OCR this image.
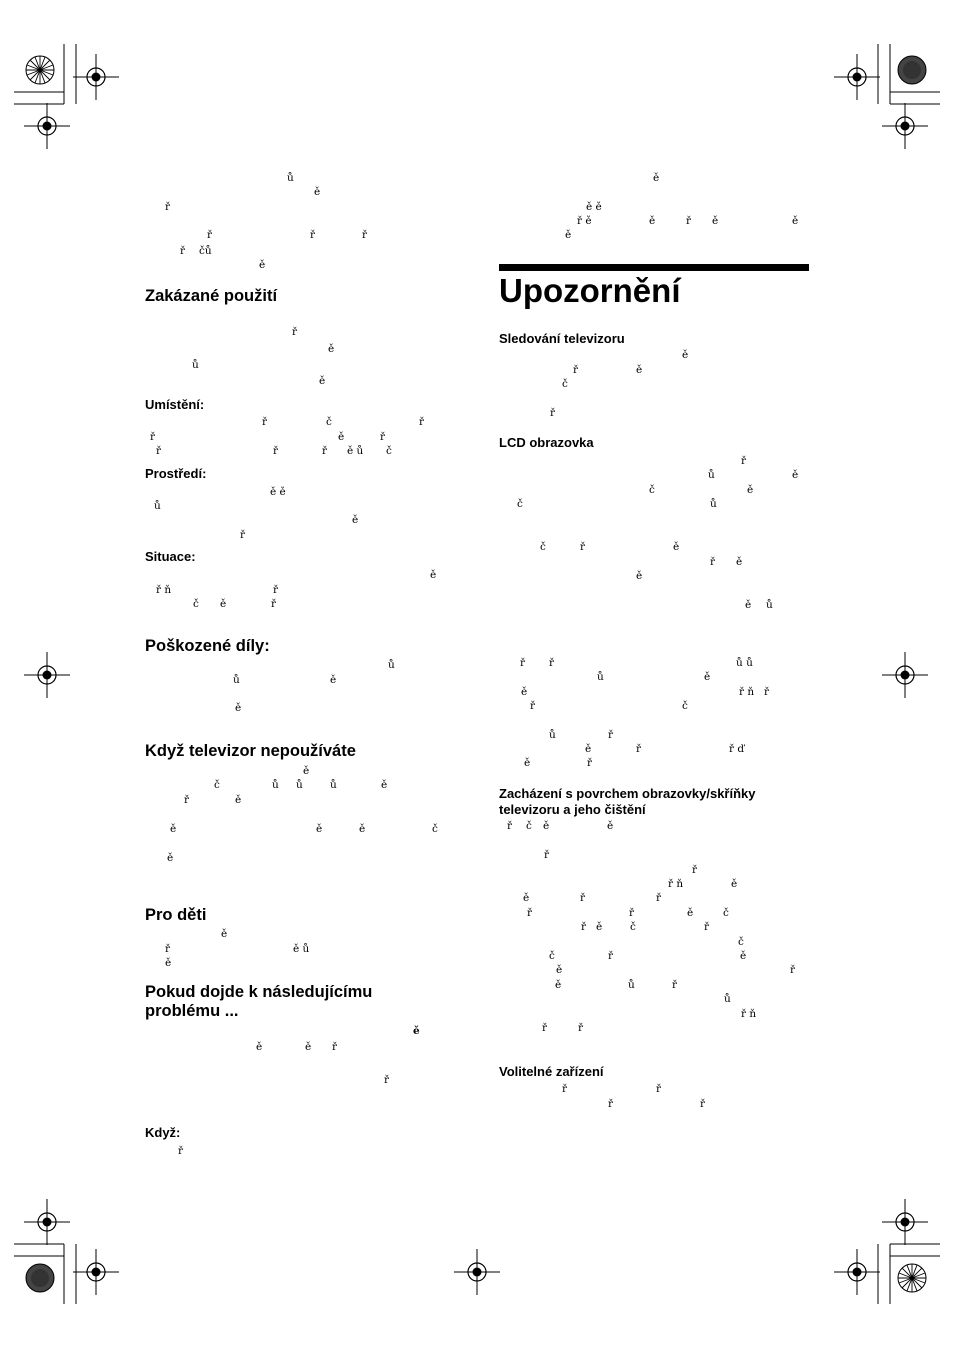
Zakázané použití
Umístění:
Prostředí:
Situace:
Poškozené díly:
Když televizor nepoužíváte
Pro děti
Pokud dojde k následujícímu problému ...
Když:
ů
ě
ř
ř	ř	ř
ř čů
ě
ř
ě
ů
ě
ř	č	ř
ř	ě	ř
ř	ř	ř ě ů č
ě ě
ů
ě
ř
ě
ř ň	ř
č ě	ř
ů
ů	ě
ě
ě
č	ů ů	ů	ě
ř	ě
ě	ě	ě	č
ě
ě
ř	ě ů
ě
ě
ě	ě ř
ř
ř
ě
ě ě
ř ě	ě	ř ě	ě
ě
Upozornění
Sledování televizoru
ě
ř	ě
č
ř
LCD obrazovka
ř
ů	ě
č	ě
č	ů
č	ř	ě
ř ě
ě
ě ů
ř ř	ů ů
ů	ě
ě	ř ň ř
ř	č
ů	ř
ě	ř	ř ď
ě	ř
Zacházení s povrchem obrazovky/skříňky televizoru a jeho čištění
ř č ě	ě
ř
ř
ř ň	ě
ě	ř	ř
ř	ř	ě	č
ř ě	č	ř
č
č	ř	ě
ě	ř
ě	ů	ř
ů
ř ň
ř	ř
Volitelné zařízení
ř	ř
ř	ř
